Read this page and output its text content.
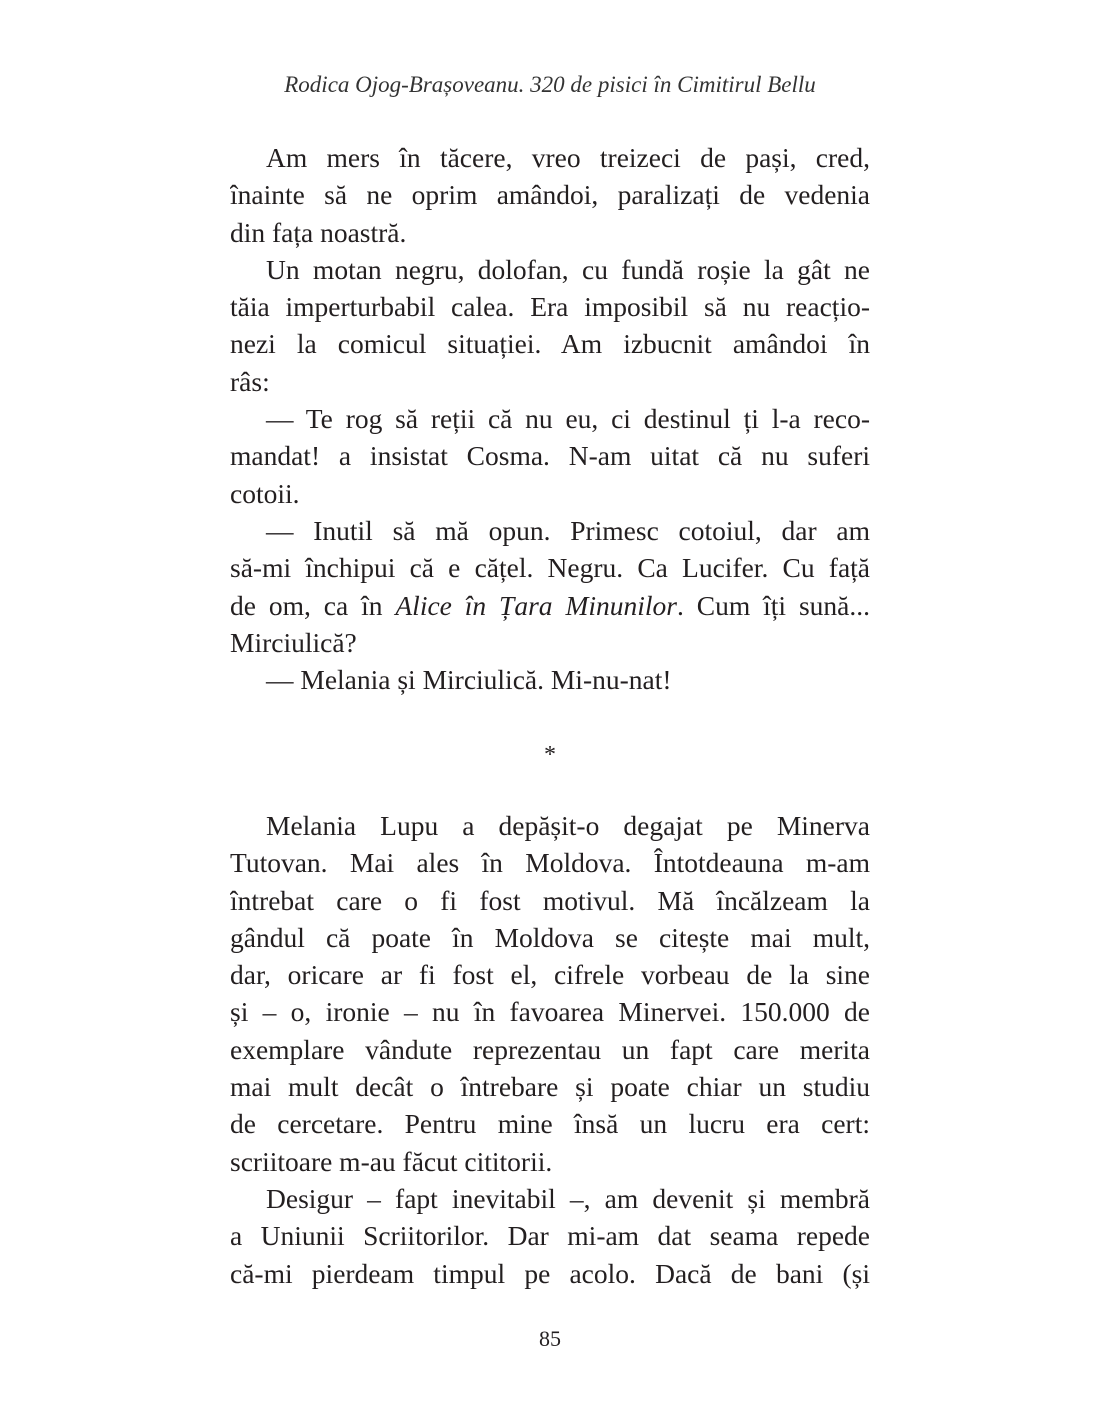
Rodica Ojog-Brașoveanu. 320 de pisici în Cimitirul Bellu
Am mers în tăcere, vreo treizeci de pași, cred,
înainte să ne oprim amândoi, paralizați de vedenia
din fața noastră.
Un motan negru, dolofan, cu fundă roșie la gât ne
tăia imperturbabil calea. Era imposibil să nu reacțio-
nezi la comicul situației. Am izbucnit amândoi în
râs:
— Te rog să reții că nu eu, ci destinul ți l-a reco-
mandat! a insistat Cosma. N-am uitat că nu suferi
cotoii.
— Inutil să mă opun. Primesc cotoiul, dar am
să-mi închipui că e cățel. Negru. Ca Lucifer. Cu față
de om, ca în Alice în Țara Minunilor. Cum îți sună...
Mirciulică?
— Melania și Mirciulică. Mi-nu-nat!
*
Melania Lupu a depășit-o degajat pe Minerva
Tutovan. Mai ales în Moldova. Întotdeauna m-am
întrebat care o fi fost motivul. Mă încălzeam la
gândul că poate în Moldova se citește mai mult,
dar, oricare ar fi fost el, cifrele vorbeau de la sine
și – o, ironie – nu în favoarea Minervei. 150.000 de
exemplare vândute reprezentau un fapt care merita
mai mult decât o întrebare și poate chiar un studiu
de cercetare. Pentru mine însă un lucru era cert:
scriitoare m-au făcut cititorii.
Desigur – fapt inevitabil –, am devenit și membră
a Uniunii Scriitorilor. Dar mi-am dat seama repede
că-mi pierdeam timpul pe acolo. Dacă de bani (și
85
